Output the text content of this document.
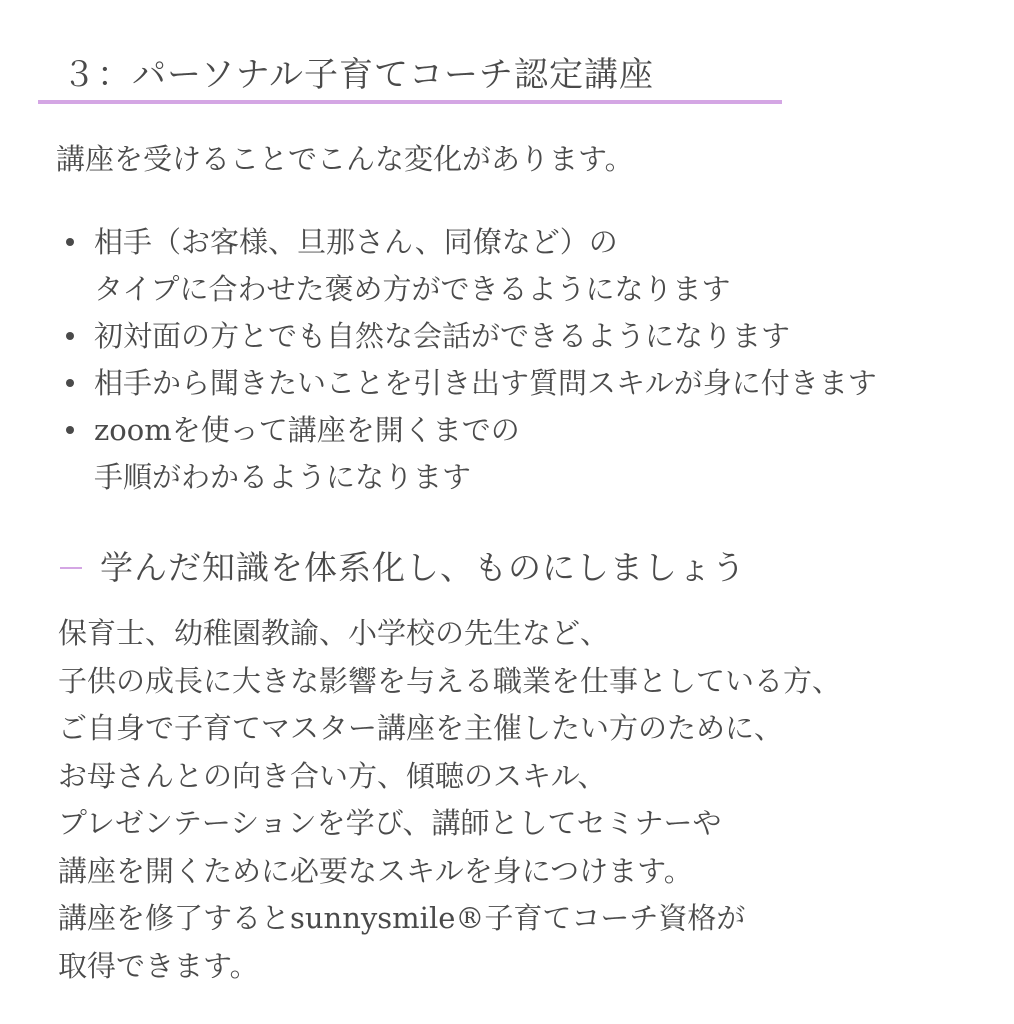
３：パーソナル子育てコーチ認定講座
講座を受けることでこんな変化があります。
相手（お客様、旦那さん、同僚など）の
タイプに合わせた褒め方ができるようになります
初対面の方とでも自然な会話ができるようになります
相手から聞きたいことを引き出す質問スキルが身に付きます
zoomを使って講座を開くまでの
手順がわかるようになります
学んだ知識を体系化し、ものにしましょう
保育士、幼稚園教諭、小学校の先生など、
子供の成長に大きな影響を与える職業を仕事としている方、
ご自身で子育てマスター講座を主催したい方のために、
お母さんとの向き合い方、傾聴のスキル、
プレゼンテーションを学び、講師としてセミナーや
講座を開くために必要なスキルを身につけます。
講座を修了するとsunnysmile®子育てコーチ資格が
取得できます。
